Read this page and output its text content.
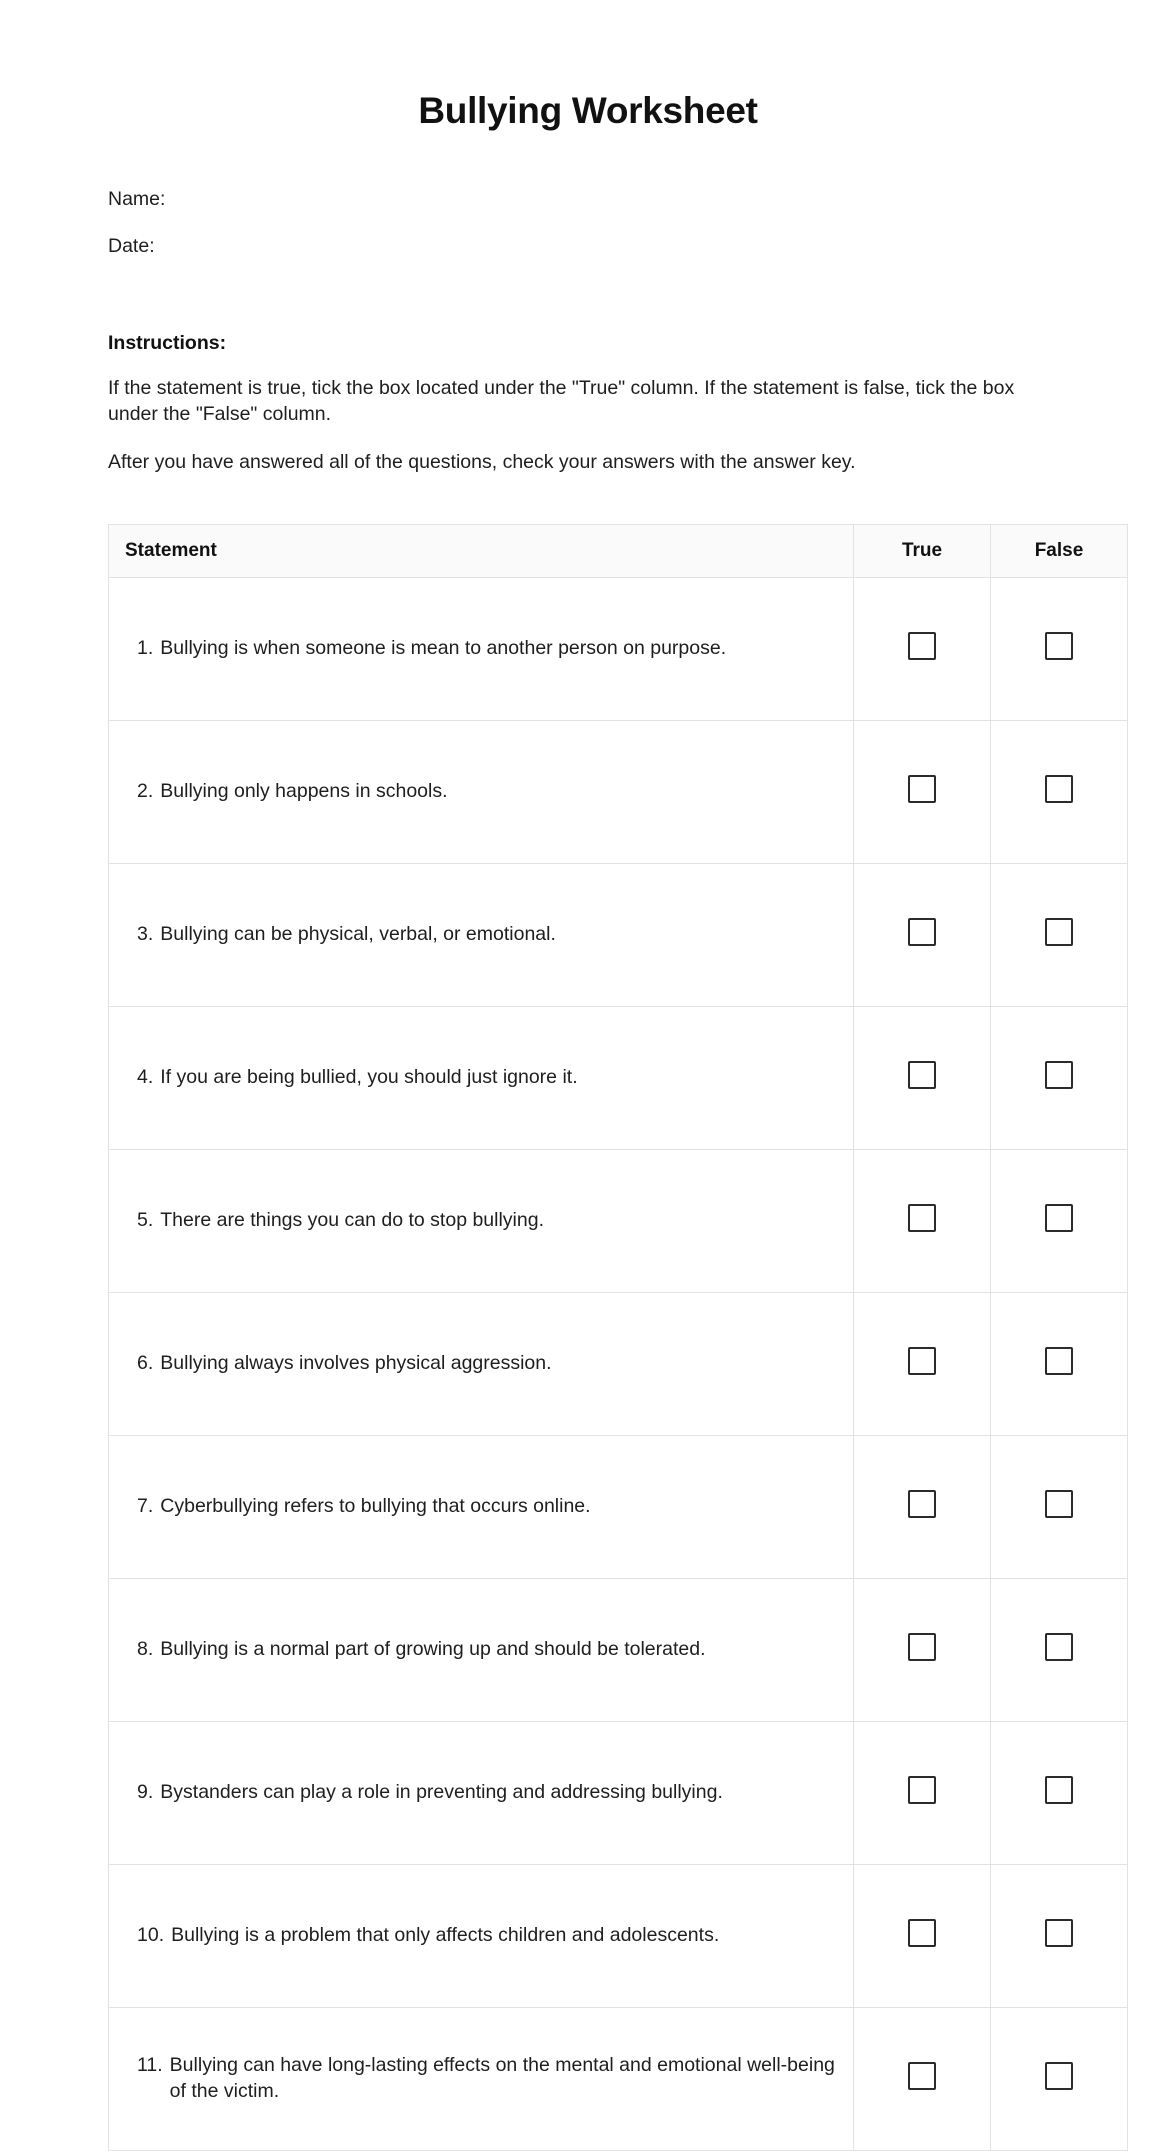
Bullying Worksheet
Name:
Date:
Instructions:
If the statement is true, tick the box located under the "True" column. If the statement is false, tick the box under the "False" column.
After you have answered all of the questions, check your answers with the answer key.
Statement	True	False

1. Bullying is when someone is mean to another person on purpose.		

2. Bullying only happens in schools.		

3. Bullying can be physical, verbal, or emotional.		

4. If you are being bullied, you should just ignore it.		

5. There are things you can do to stop bullying.		

6. Bullying always involves physical aggression.		

7. Cyberbullying refers to bullying that occurs online.		

8. Bullying is a normal part of growing up and should be tolerated.		

9. Bystanders can play a role in preventing and addressing bullying.		

10. Bullying is a problem that only affects children and adolescents.		

11. Bullying can have long-lasting effects on the mental and emotional well-being of the victim.		
